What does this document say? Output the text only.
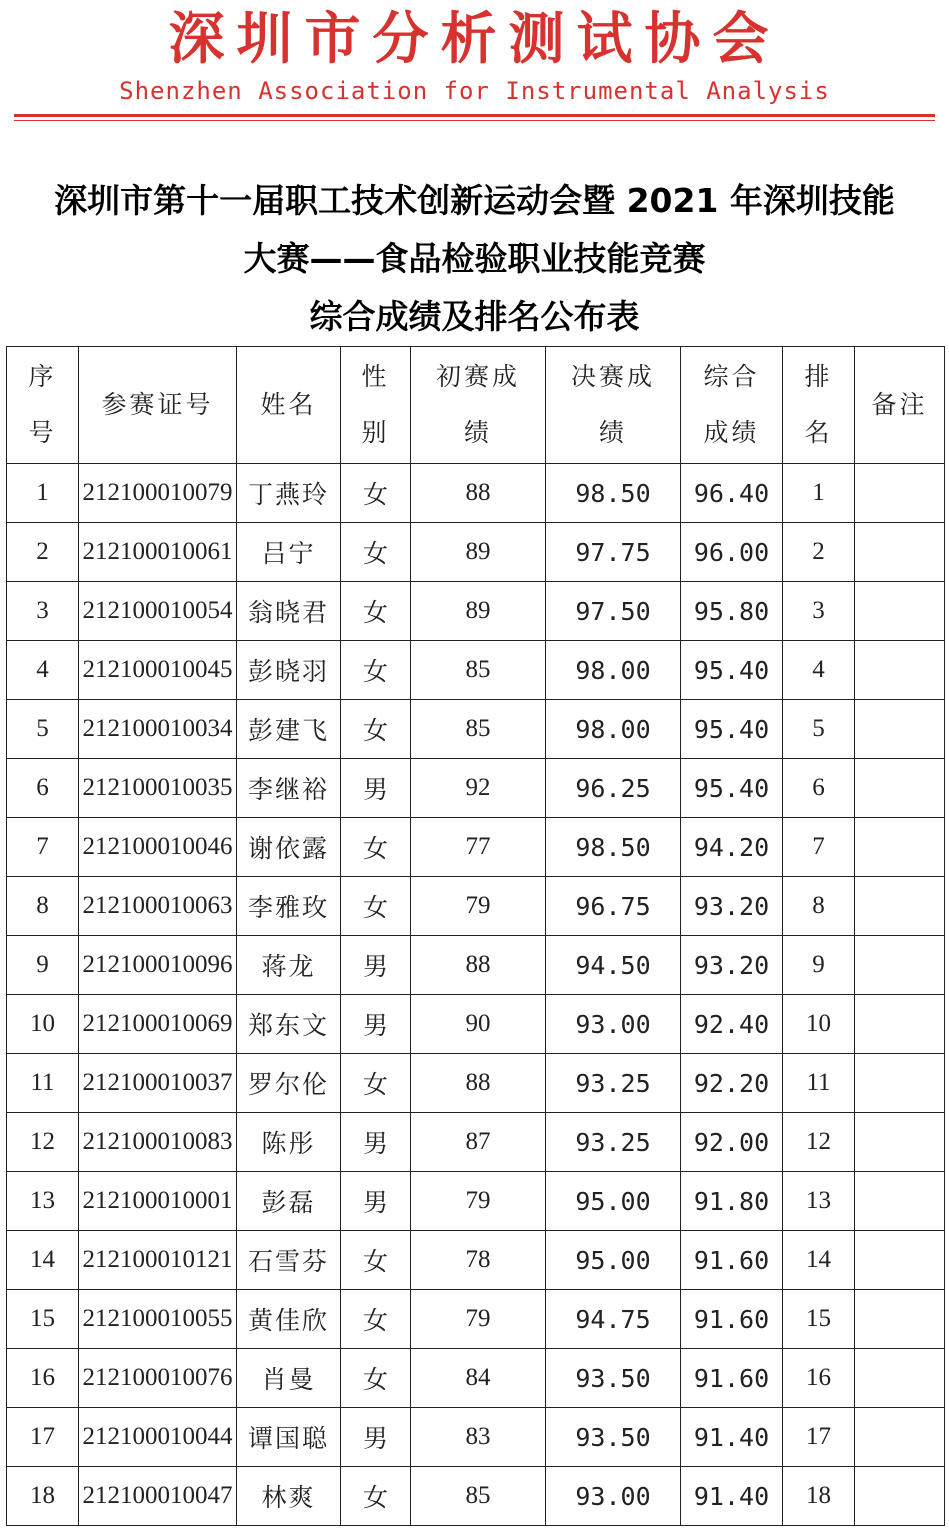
深圳市分析测试协会
Shenzhen Association for Instrumental Analysis
深圳市第十一届职工技术创新运动会暨 2021 年深圳技能
大赛——食品检验职业技能竞赛
综合成绩及排名公布表
序号	参赛证号	姓名	性别	初赛成绩	决赛成绩	综合成绩	排名	备注
1	212100010079	丁燕玲	女	88	98.50	96.40	1	
2	212100010061	吕宁	女	89	97.75	96.00	2	
3	212100010054	翁晓君	女	89	97.50	95.80	3	
4	212100010045	彭晓羽	女	85	98.00	95.40	4	
5	212100010034	彭建飞	女	85	98.00	95.40	5	
6	212100010035	李继裕	男	92	96.25	95.40	6	
7	212100010046	谢依露	女	77	98.50	94.20	7	
8	212100010063	李雅玫	女	79	96.75	93.20	8	
9	212100010096	蒋龙	男	88	94.50	93.20	9	
10	212100010069	郑东文	男	90	93.00	92.40	10	
11	212100010037	罗尔伦	女	88	93.25	92.20	11	
12	212100010083	陈彤	男	87	93.25	92.00	12	
13	212100010001	彭磊	男	79	95.00	91.80	13	
14	212100010121	石雪芬	女	78	95.00	91.60	14	
15	212100010055	黄佳欣	女	79	94.75	91.60	15	
16	212100010076	肖曼	女	84	93.50	91.60	16	
17	212100010044	谭国聪	男	83	93.50	91.40	17	
18	212100010047	林爽	女	85	93.00	91.40	18	
